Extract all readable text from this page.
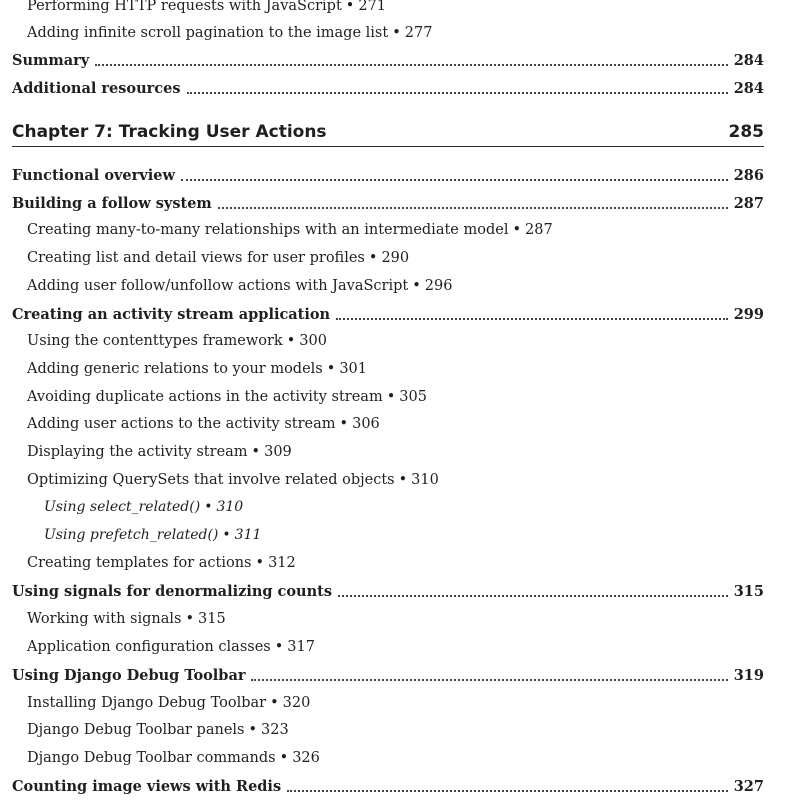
Performing HTTP requests with JavaScript • 271
Adding infinite scroll pagination to the image list • 277
Summary	284
Additional resources	284
Chapter 7: Tracking User Actions	285
Functional overview	286
Building a follow system	287
Creating many-to-many relationships with an intermediate model • 287
Creating list and detail views for user profiles • 290
Adding user follow/unfollow actions with JavaScript • 296
Creating an activity stream application	299
Using the contenttypes framework • 300
Adding generic relations to your models • 301
Avoiding duplicate actions in the activity stream • 305
Adding user actions to the activity stream • 306
Displaying the activity stream • 309
Optimizing QuerySets that involve related objects • 310
Using select_related() • 310
Using prefetch_related() • 311
Creating templates for actions • 312
Using signals for denormalizing counts	315
Working with signals • 315
Application configuration classes • 317
Using Django Debug Toolbar	319
Installing Django Debug Toolbar • 320
Django Debug Toolbar panels • 323
Django Debug Toolbar commands • 326
Counting image views with Redis	327
